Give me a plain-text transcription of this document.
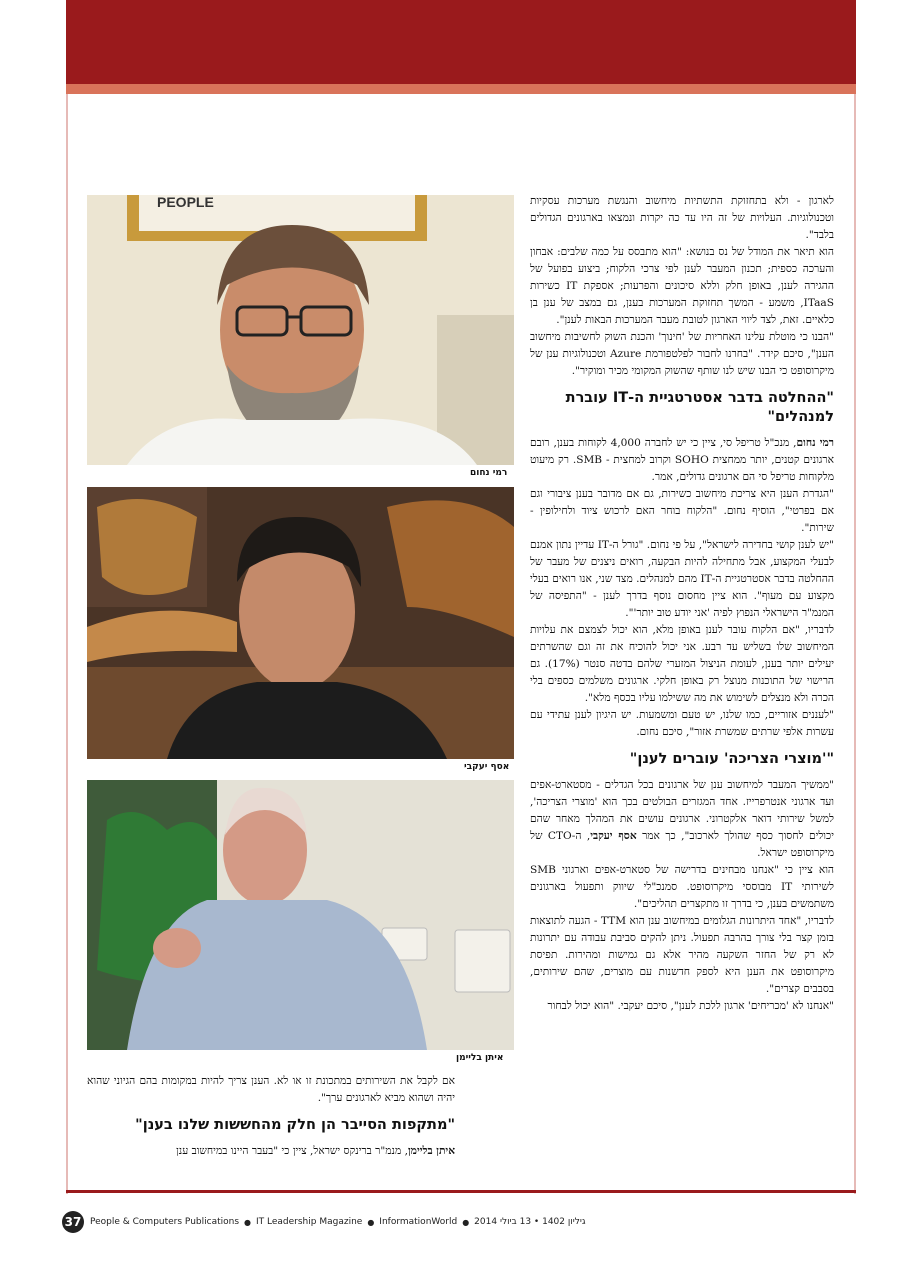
PEOPLE
רמי נחום
אסף יעקבי
איתן בליימן

לארגון - ולא בתחזוקת התשתיות מיחשוב והנגשת מערכות עסקיות וטכנולוגיות. העלויות של זה היו עד כה יקרות ונמצאו בארגונים הגדולים בלבד".

הוא תיאר את המודל של נס בנושא: "הוא מתבסס על כמה שלבים: אבחון והערכה כספית; תכנון המעבר לענן לפי צרכי הלקוח; ביצוע בפועל של ההגירה לענן, באופן חלק וללא סיכונים והפרעות; אספקת IT כשירות ITaaS, משמע - המשך תחזוקת המערכות בענן, גם במצב של ענן בן כלאיים. זאת, לצד ליווי הארגון לטובת מעבר המערכות הבאות לענן".

"הבנו כי מוטלת עלינו האחריות של 'חינוך' והכנת השוק לחשיבות מיחשוב הענן", סיכם קידר. "בחרנו לחבור לפלטפורמת Azure וטכנולוגיות ענן של מיקרוסופט כי הבנו שיש לנו שותף שהשוק המקומי מכיר ומוקיר".

"ההחלטה בדבר אסטרטגיית ה-IT עוברת למנהלים"

רמי נחום, מנכ"ל טריפל סי, ציין כי יש לחברה 4,000 לקוחות בענן, רובם ארגונים קטנים, יותר ממחצית SOHO וקרוב למחצית - SMB. רק מיעוט מלקוחות טריפל סי הם ארגונים גדולים, אמר.

"הגדרת הענן היא צריכת מיחשוב כשירות, גם אם מדובר בענן ציבורי וגם אם בפרטי", הוסיף נחום. "הלקוח בוחר האם לרכוש ציוד ולחילופין - שירות".

"יש לענן קושי בחדירה לישראל", על פי נחום. "גורל ה-IT עדיין נתון אמנם לבעלי המקצוע, אבל מתחילה להיות הבקעה, רואים ניצנים של מעבר של ההחלטה בדבר אסטרטגיית ה-IT מהם למנהלים. מצד שני, אנו רואים בעלי מקצוע עם מעוף". הוא ציין מחסום נוסף בדרך לענן - "התפיסה של המנמ"ר הישראלי הנפוץ לפיה 'אני יודע טוב יותר'".

לדבריו, "אם הלקוח עובר לענן באופן מלא, הוא יכול לצמצם את עלויות המיחשוב שלו בשליש עד רבע. אני יכול להוכיח את זה וגם שהשרתים יעילים יותר בענן, לעומת הניצול המזערי שלהם בדטה סנטר (17%). גם הרישוי של התוכנות מנוצל רק באופן חלקי. ארגונים משלמים כספים בלי הכרה ולא מנצלים לשימוש את מה ששילמו עליו בכסף מלא".

"לעננים אזוריים, כמו שלנו, יש טעם ומשמעות. יש היגיון לענן עתידי עם עשרות אלפי שרתים שמשרת אזור", סיכם נחום.

"'מוצרי הצריכה' עוברים לענן"

"ממשיך המעבר למיחשוב ענן של ארגונים בכל הגדלים - מסטארט-אפים ועד ארגוני אנטרפרייז. אחד המגזרים הבולטים בכך הוא 'מוצרי הצריכה', למשל שירותי דואר אלקטרוני. ארגונים עושים את המהלך מאחר שהם יכולים לחסוך כסף שהולך לארכוב", כך אמר אסף יעקבי, ה-CTO של מיקרוסופט ישראל.

הוא ציין כי "אנחנו מבחינים בדרישה של סטארט-אפים וארגוני SMB לשירותי IT מבוססי מיקרוסופט. סמנכ"לי שיווק ותפעול בארגונים משתמשים בענן, כי בדרך זו מתקצרים תהליכים".

לדבריו, "אחד היתרונות הגלומים במיחשוב ענן הוא TTM - הגעה לתוצאות בזמן קצר בלי צורך בהרבה תפעול. ניתן להקים סביבת עבודה עם יתרונות לא רק של החזר השקעה מהיר אלא גם גמישות ומהירות. תפיסת מיקרוסופט את הענן היא לספק חדשנות עם מוצרים, שהם שירותים, בסבבים קצרים".

"אנחנו לא 'מכריחים' ארגון ללכת לענן", סיכם יעקבי. "הוא יכול לבחור

אם לקבל את השירותים במתכונת זו או לא. הענן צריך להיות במקומות בהם הגיוני שהוא יהיה ושהוא מביא לארגונים ערך".

"מתקפות הסייבר הן חלק מהחששות שלנו בענן"

איתן בליימן, מנמ"ר ברינקס ישראל, ציין כי "בעבר היינו במיחשוב ענן

37 People & Computers Publications ● IT Leadership Magazine ● InformationWorld ● גיליון 1402 • 13 ביולי 2014
